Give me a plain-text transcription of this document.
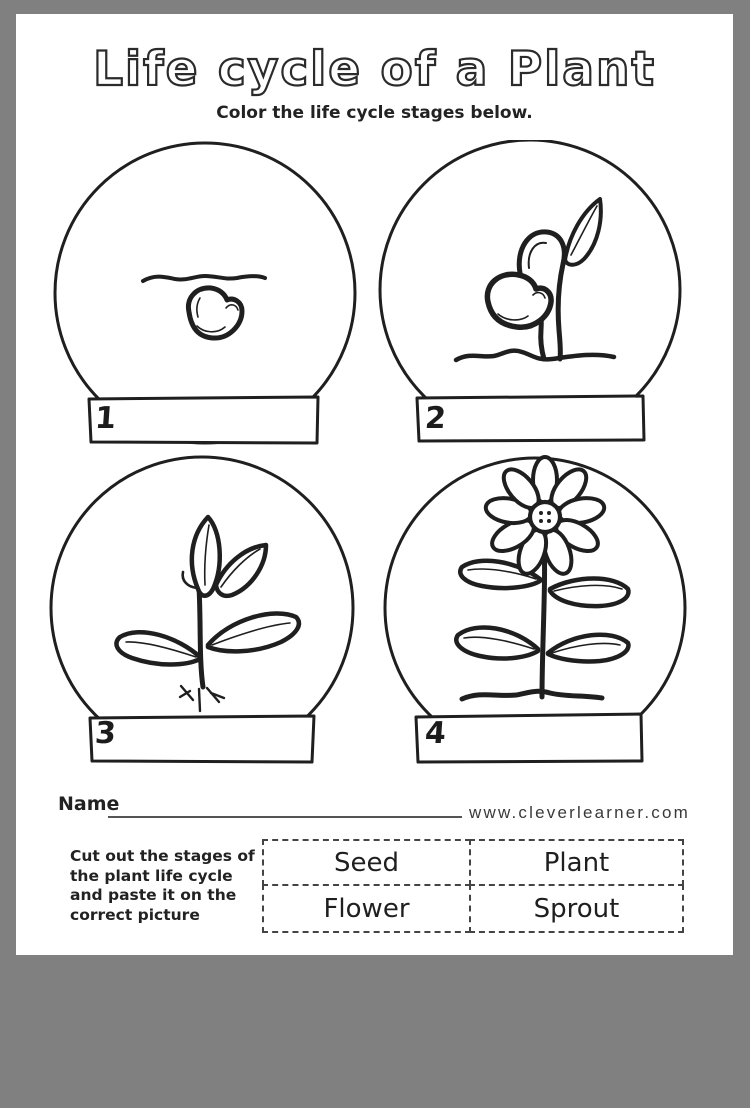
Life cycle of a Plant
Color the life cycle stages below.
1	2
3	4
Name	www.cleverlearner.com
Cut out the stages of
the plant life cycle
and paste it on the
correct picture
Seed	Plant
Flower	Sprout
